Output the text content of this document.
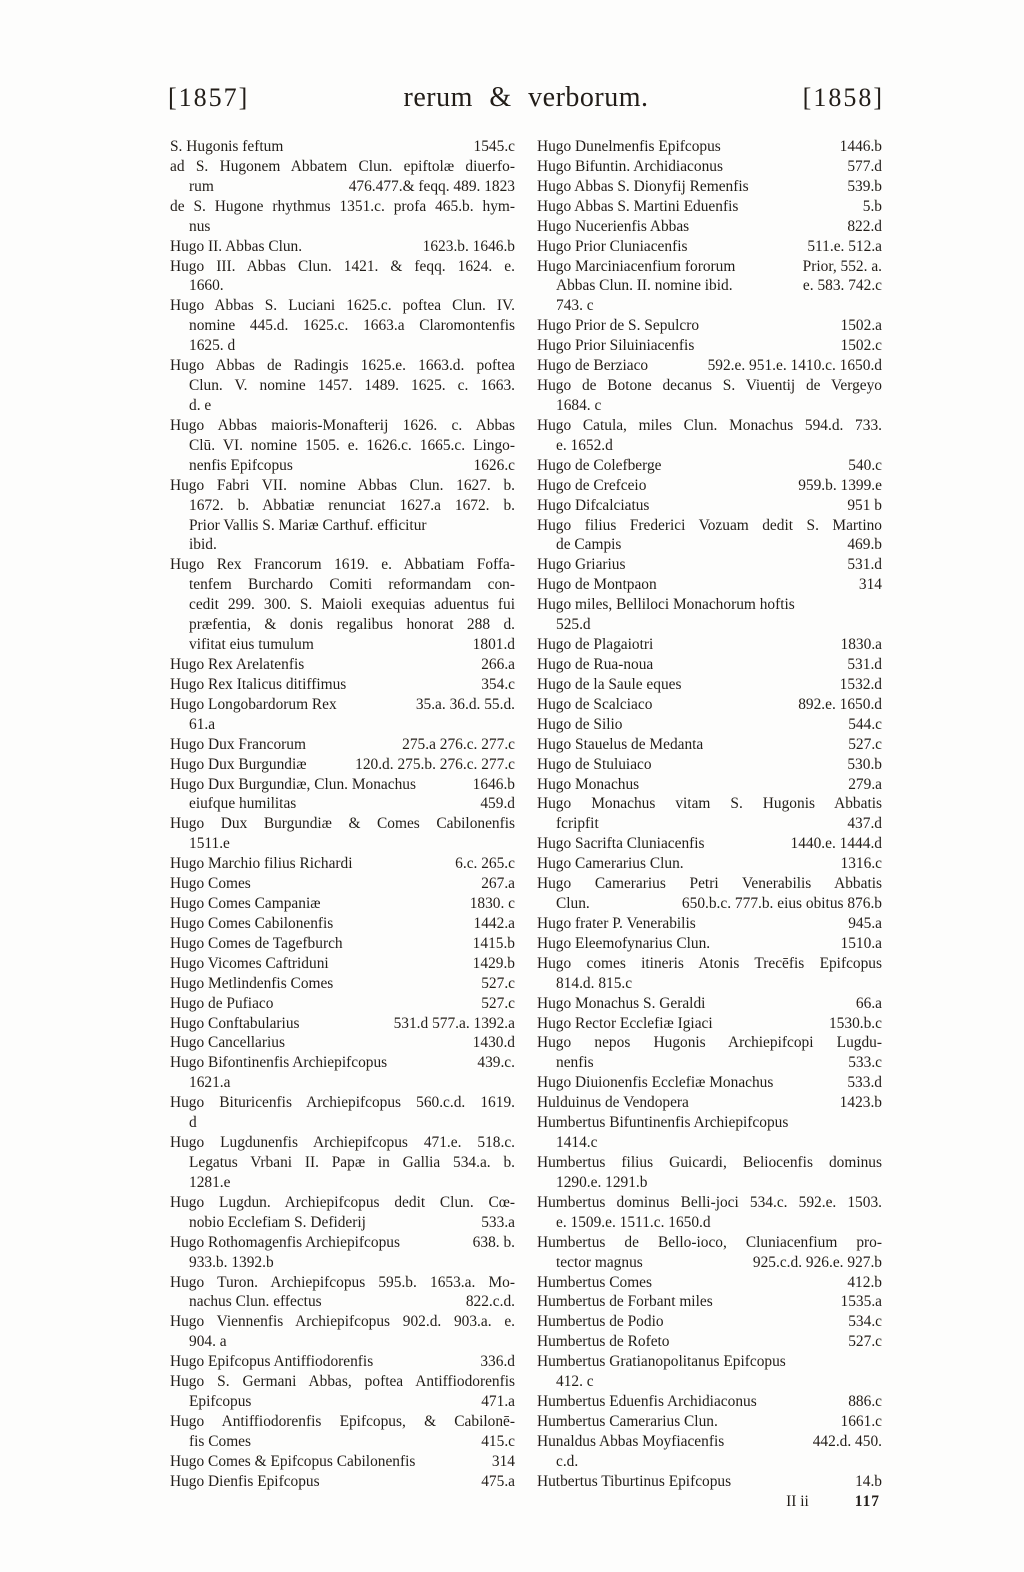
[1857]	rerum & verborum.	[1858]
S. Hugonis feftum	1545.c
ad S. Hugonem Abbatem Clun. epiftolæ diuerfo-
rum	476.477.& feqq. 489. 1823
de S. Hugone rhythmus 1351.c. profa 465.b. hym-
nus
Hugo II. Abbas Clun.	1623.b. 1646.b
Hugo III. Abbas Clun. 1421. & feqq. 1624. e.
1660.
Hugo Abbas S. Luciani 1625.c. poftea Clun. IV.
nomine 445.d. 1625.c. 1663.a Claromontenfis
1625. d
Hugo Abbas de Radingis 1625.e. 1663.d. poftea
Clun. V. nomine 1457. 1489. 1625. c. 1663.
d. e
Hugo Abbas maioris-Monafterij 1626. c. Abbas
Clū. VI. nomine 1505. e. 1626.c. 1665.c. Lingo-
nenfis Epifcopus	1626.c
Hugo Fabri VII. nomine Abbas Clun. 1627. b.
1672. b. Abbatiæ renunciat 1627.a 1672. b.
Prior Vallis S. Mariæ Carthuf. efficitur
ibid.
Hugo Rex Francorum 1619. e. Abbatiam Foffa-
tenfem Burchardo Comiti reformandam con-
cedit 299. 300. S. Maioli exequias aduentus fui
præfentia, & donis regalibus honorat 288 d.
vifitat eius tumulum	1801.d
Hugo Rex Arelatenfis	266.a
Hugo Rex Italicus ditiffimus	354.c
Hugo Longobardorum Rex	35.a. 36.d. 55.d.
61.a
Hugo Dux Francorum	275.a 276.c. 277.c
Hugo Dux Burgundiæ	120.d. 275.b. 276.c. 277.c
Hugo Dux Burgundiæ, Clun. Monachus	1646.b
eiufque humilitas	459.d
Hugo Dux Burgundiæ & Comes Cabilonenfis
1511.e
Hugo Marchio filius Richardi	6.c. 265.c
Hugo Comes	267.a
Hugo Comes Campaniæ	1830. c
Hugo Comes Cabilonenfis	1442.a
Hugo Comes de Tagefburch	1415.b
Hugo Vicomes Caftriduni	1429.b
Hugo Metlindenfis Comes	527.c
Hugo de Pufiaco	527.c
Hugo Conftabularius	531.d 577.a. 1392.a
Hugo Cancellarius	1430.d
Hugo Bifontinenfis Archiepifcopus	439.c.
1621.a
Hugo Bituricenfis Archiepifcopus 560.c.d. 1619.
d
Hugo Lugdunenfis Archiepifcopus 471.e. 518.c.
Legatus Vrbani II. Papæ in Gallia 534.a. b.
1281.e
Hugo Lugdun. Archiepifcopus dedit Clun. Cœ-
nobio Ecclefiam S. Defiderij	533.a
Hugo Rothomagenfis Archiepifcopus	638. b.
933.b. 1392.b
Hugo Turon. Archiepifcopus 595.b. 1653.a. Mo-
nachus Clun. effectus	822.c.d.
Hugo Viennenfis Archiepifcopus 902.d. 903.a. e.
904. a
Hugo Epifcopus Antiffiodorenfis	336.d
Hugo S. Germani Abbas, poftea Antiffiodorenfis
Epifcopus	471.a
Hugo Antiffiodorenfis Epifcopus, & Cabilonē-
fis Comes	415.c
Hugo Comes & Epifcopus Cabilonenfis	314
Hugo Dienfis Epifcopus	475.a
Hugo Dunelmenfis Epifcopus	1446.b
Hugo Bifuntin. Archidiaconus	577.d
Hugo Abbas S. Dionyfij Remenfis	539.b
Hugo Abbas S. Martini Eduenfis	5.b
Hugo Nucerienfis Abbas	822.d
Hugo Prior Cluniacenfis	511.e. 512.a
Hugo Marciniacenfium fororum	Prior, 552. a.
Abbas Clun. II. nomine ibid.	e. 583. 742.c
743. c
Hugo Prior de S. Sepulcro	1502.a
Hugo Prior Siluiniacenfis	1502.c
Hugo de Berziaco	592.e. 951.e. 1410.c. 1650.d
Hugo de Botone decanus S. Viuentij de Vergeyo
1684. c
Hugo Catula, miles Clun. Monachus 594.d. 733.
e. 1652.d
Hugo de Colefberge	540.c
Hugo de Crefceio	959.b. 1399.e
Hugo Difcalciatus	951 b
Hugo filius Frederici Vozuam dedit S. Martino
de Campis	469.b
Hugo Griarius	531.d
Hugo de Montpaon	314
Hugo miles, Belliloci Monachorum hoftis
525.d
Hugo de Plagaiotri	1830.a
Hugo de Rua-noua	531.d
Hugo de la Saule eques	1532.d
Hugo de Scalciaco	892.e. 1650.d
Hugo de Silio	544.c
Hugo Stauelus de Medanta	527.c
Hugo de Stuluiaco	530.b
Hugo Monachus	279.a
Hugo Monachus vitam S. Hugonis Abbatis
fcripfit	437.d
Hugo Sacrifta Cluniacenfis	1440.e. 1444.d
Hugo Camerarius Clun.	1316.c
Hugo Camerarius Petri Venerabilis Abbatis
Clun.	650.b.c. 777.b. eius obitus 876.b
Hugo frater P. Venerabilis	945.a
Hugo Eleemofynarius Clun.	1510.a
Hugo comes itineris Atonis Trecēfis Epifcopus
814.d. 815.c
Hugo Monachus S. Geraldi	66.a
Hugo Rector Ecclefiæ Igiaci	1530.b.c
Hugo nepos Hugonis Archiepifcopi Lugdu-
nenfis	533.c
Hugo Diuionenfis Ecclefiæ Monachus	533.d
Hulduinus de Vendopera	1423.b
Humbertus Bifuntinenfis Archiepifcopus
1414.c
Humbertus filius Guicardi, Beliocenfis dominus
1290.e. 1291.b
Humbertus dominus Belli-joci 534.c. 592.e. 1503.
e. 1509.e. 1511.c. 1650.d
Humbertus de Bello-ioco, Cluniacenfium pro-
tector magnus	925.c.d. 926.e. 927.b
Humbertus Comes	412.b
Humbertus de Forbant miles	1535.a
Humbertus de Podio	534.c
Humbertus de Rofeto	527.c
Humbertus Gratianopolitanus Epifcopus
412. c
Humbertus Eduenfis Archidiaconus	886.c
Humbertus Camerarius Clun.	1661.c
Hunaldus Abbas Moyfiacenfis	442.d. 450.
c.d.
Hutbertus Tiburtinus Epifcopus	14.b
II ii	117
